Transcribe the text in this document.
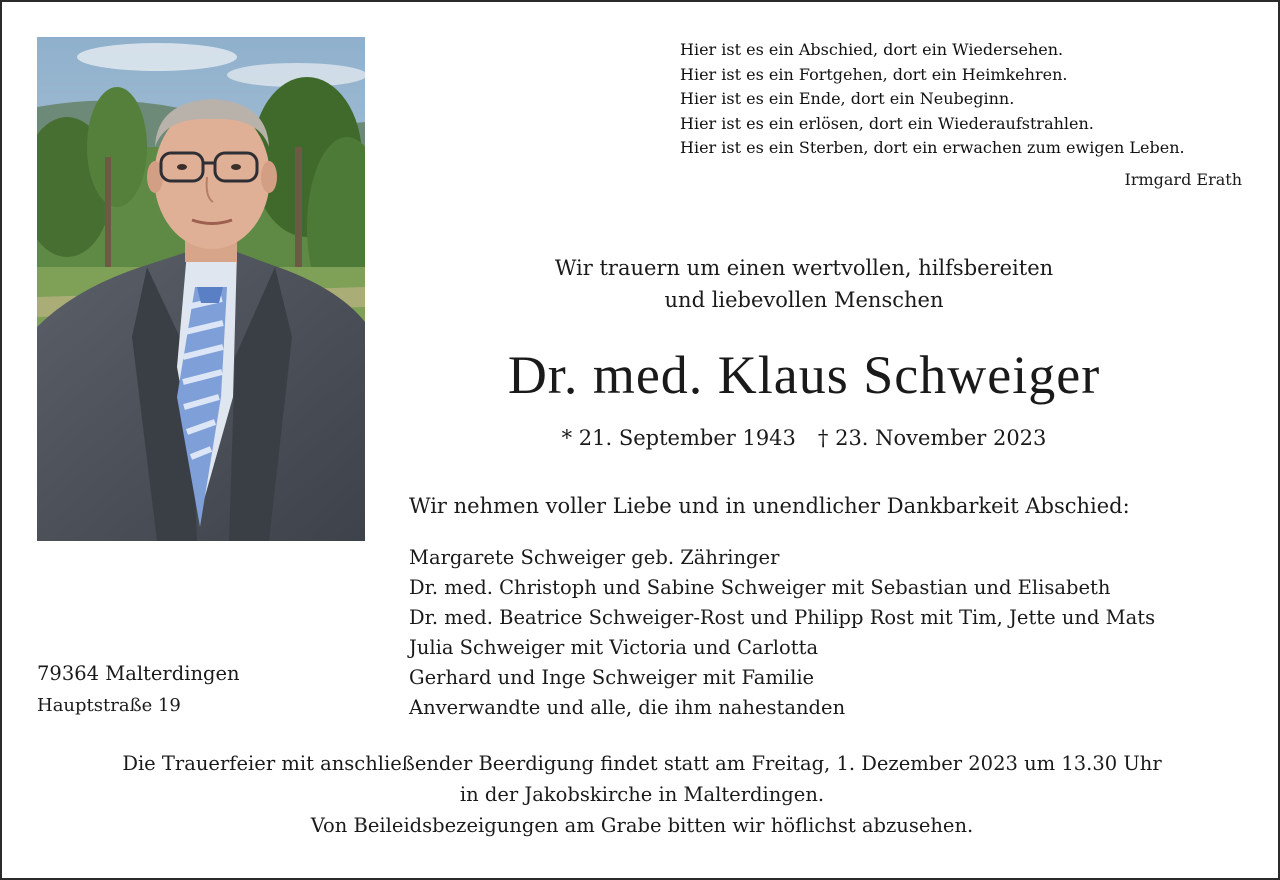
Hier ist es ein Abschied, dort ein Wiedersehen.
Hier ist es ein Fortgehen, dort ein Heimkehren.
Hier ist es ein Ende, dort ein Neubeginn.
Hier ist es ein erlösen, dort ein Wiederaufstrahlen.
Hier ist es ein Sterben, dort ein erwachen zum ewigen Leben.
Irmgard Erath
Wir trauern um einen wertvollen, hilfsbereiten
und liebevollen Menschen
Dr. med. Klaus Schweiger
* 21. September 1943 † 23. November 2023
Wir nehmen voller Liebe und in unendlicher Dankbarkeit Abschied:
Margarete Schweiger geb. Zähringer
Dr. med. Christoph und Sabine Schweiger mit Sebastian und Elisabeth
Dr. med. Beatrice Schweiger-Rost und Philipp Rost mit Tim, Jette und Mats
Julia Schweiger mit Victoria und Carlotta
Gerhard und Inge Schweiger mit Familie
Anverwandte und alle, die ihm nahestanden
79364 Malterdingen
Hauptstraße 19
Die Trauerfeier mit anschließender Beerdigung findet statt am Freitag, 1. Dezember 2023 um 13.30 Uhr
in der Jakobskirche in Malterdingen.
Von Beileidsbezeigungen am Grabe bitten wir höflichst abzusehen.
